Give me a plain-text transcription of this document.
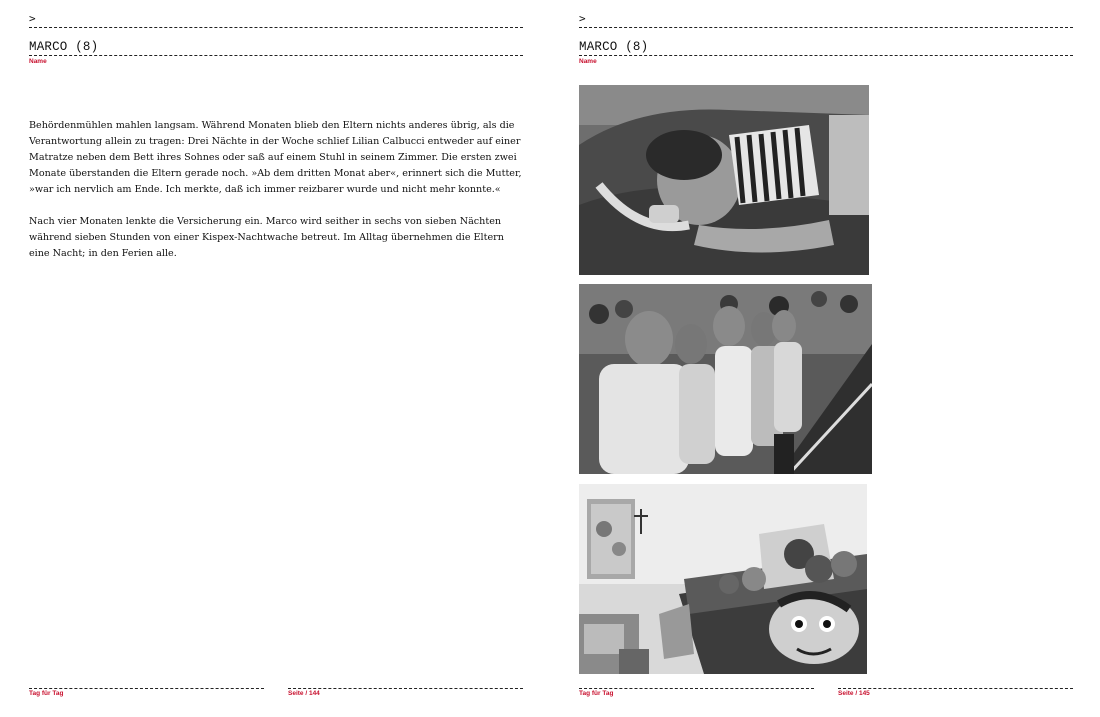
>
MARCO (8)
Name

Behördenmühlen mahlen langsam. Während Monaten blieb den Eltern nichts anderes übrig, als die Verantwortung allein zu tragen: Drei Nächte in der Woche schlief Lilian Calbucci entweder auf einer Matratze neben dem Bett ihres Sohnes oder saß auf einem Stuhl in seinem Zimmer. Die ersten zwei Monate überstanden die Eltern gerade noch. »Ab dem dritten Monat aber«, erinnert sich die Mutter, »war ich nervlich am Ende. Ich merkte, daß ich immer reizbarer wurde und nicht mehr konnte.«

Nach vier Monaten lenkte die Versicherung ein. Marco wird seither in sechs von sieben Nächten während sieben Stunden von einer Kispex-Nachtwache betreut. Im Alltag übernehmen die Eltern eine Nacht; in den Ferien alle.

Tag für Tag	Seite / 144
>
MARCO (8)
Name
Tag für Tag	Seite / 145
